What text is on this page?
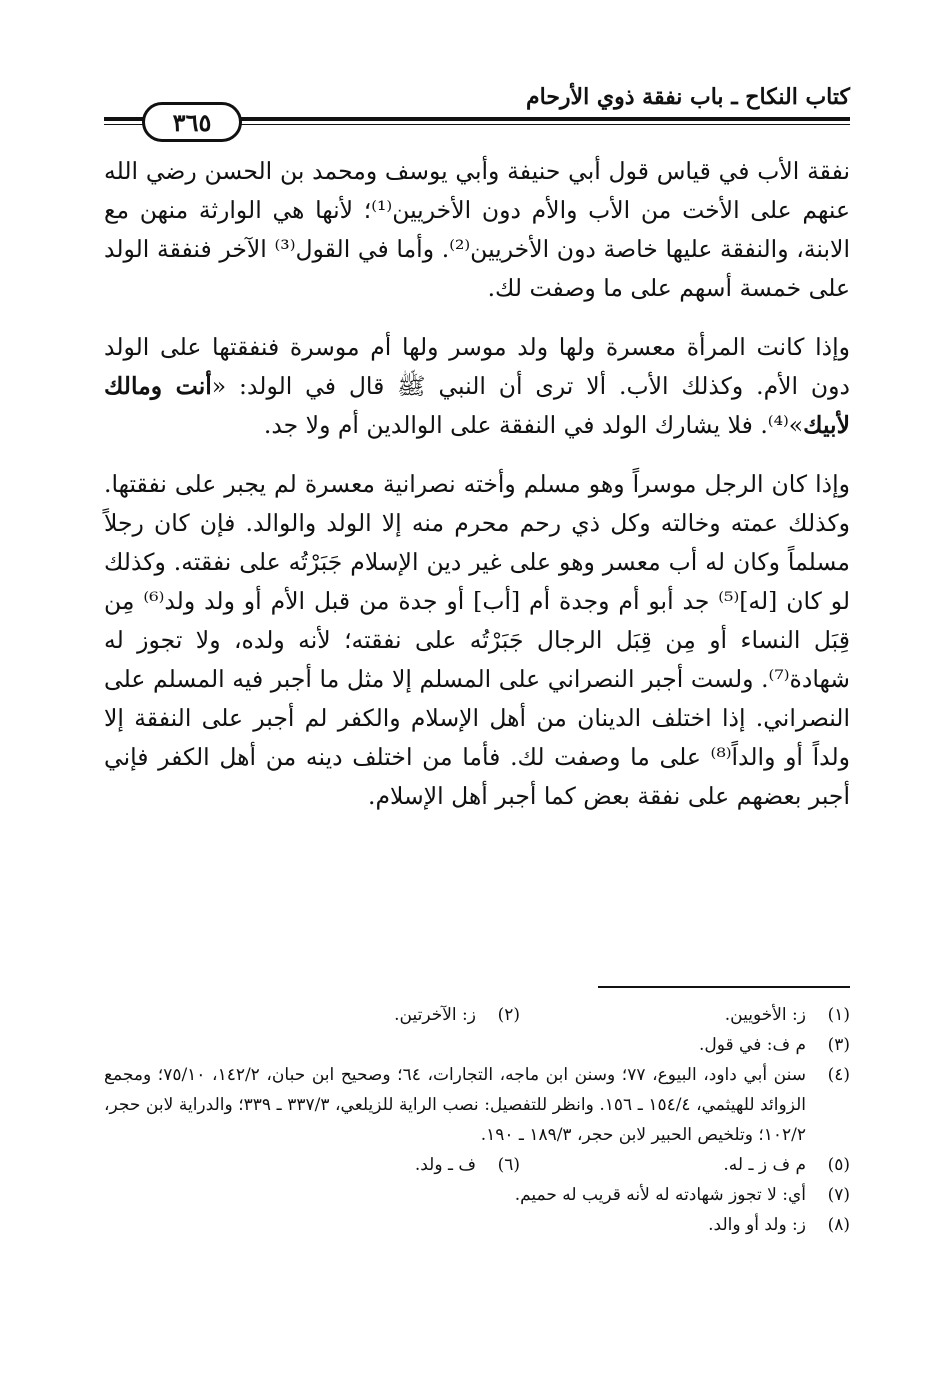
كتاب النكاح ـ باب نفقة ذوي الأرحام
٣٦٥

نفقة الأب في قياس قول أبي حنيفة وأبي يوسف ومحمد بن الحسن رضي الله عنهم على الأخت من الأب والأم دون الأخريين⁽¹⁾؛ لأنها هي الوارثة منهن مع الابنة، والنفقة عليها خاصة دون الأخريين⁽²⁾. وأما في القول⁽³⁾ الآخر فنفقة الولد على خمسة أسهم على ما وصفت لك.

وإذا كانت المرأة معسرة ولها ولد موسر ولها أم موسرة فنفقتها على الولد دون الأم. وكذلك الأب. ألا ترى أن النبي ﷺ قال في الولد: «أنت ومالك لأبيك»⁽⁴⁾. فلا يشارك الولد في النفقة على الوالدين أم ولا جد.

وإذا كان الرجل موسراً وهو مسلم وأخته نصرانية معسرة لم يجبر على نفقتها. وكذلك عمته وخالته وكل ذي رحم محرم منه إلا الولد والوالد. فإن كان رجلاً مسلماً وكان له أب معسر وهو على غير دين الإسلام جَبَرْتُه على نفقته. وكذلك لو كان [له]⁽⁵⁾ جد أبو أم وجدة أم [أب] أو جدة من قبل الأم أو ولد ولد⁽⁶⁾ مِن قِبَل النساء أو مِن قِبَل الرجال جَبَرْتُه على نفقته؛ لأنه ولده، ولا تجوز له شهادة⁽⁷⁾. ولست أجبر النصراني على المسلم إلا مثل ما أجبر فيه المسلم على النصراني. إذا اختلف الدينان من أهل الإسلام والكفر لم أجبر على النفقة إلا ولداً أو والداً⁽⁸⁾ على ما وصفت لك. فأما من اختلف دينه من أهل الكفر فإني أجبر بعضهم على نفقة بعض كما أجبر أهل الإسلام.

(١)
ز: الأخويين.
(٢)
ز: الآخرتين.
(٣)
م ف: في قول.
(٤)
سنن أبي داود، البيوع، ٧٧؛ وسنن ابن ماجه، التجارات، ٦٤؛ وصحيح ابن حبان، ١٤٢/٢، ٧٥/١٠؛ ومجمع الزوائد للهيثمي، ١٥٤/٤ ـ ١٥٦. وانظر للتفصيل: نصب الراية للزيلعي، ٣٣٧/٣ ـ ٣٣٩؛ والدراية لابن حجر، ١٠٢/٢؛ وتلخيص الحبير لابن حجر، ١٨٩/٣ ـ ١٩٠.
(٥)
م ف ز ـ له.
(٦)
ف ـ ولد.
(٧)
أي: لا تجوز شهادته له لأنه قريب له حميم.
(٨)
ز: ولد أو والد.
